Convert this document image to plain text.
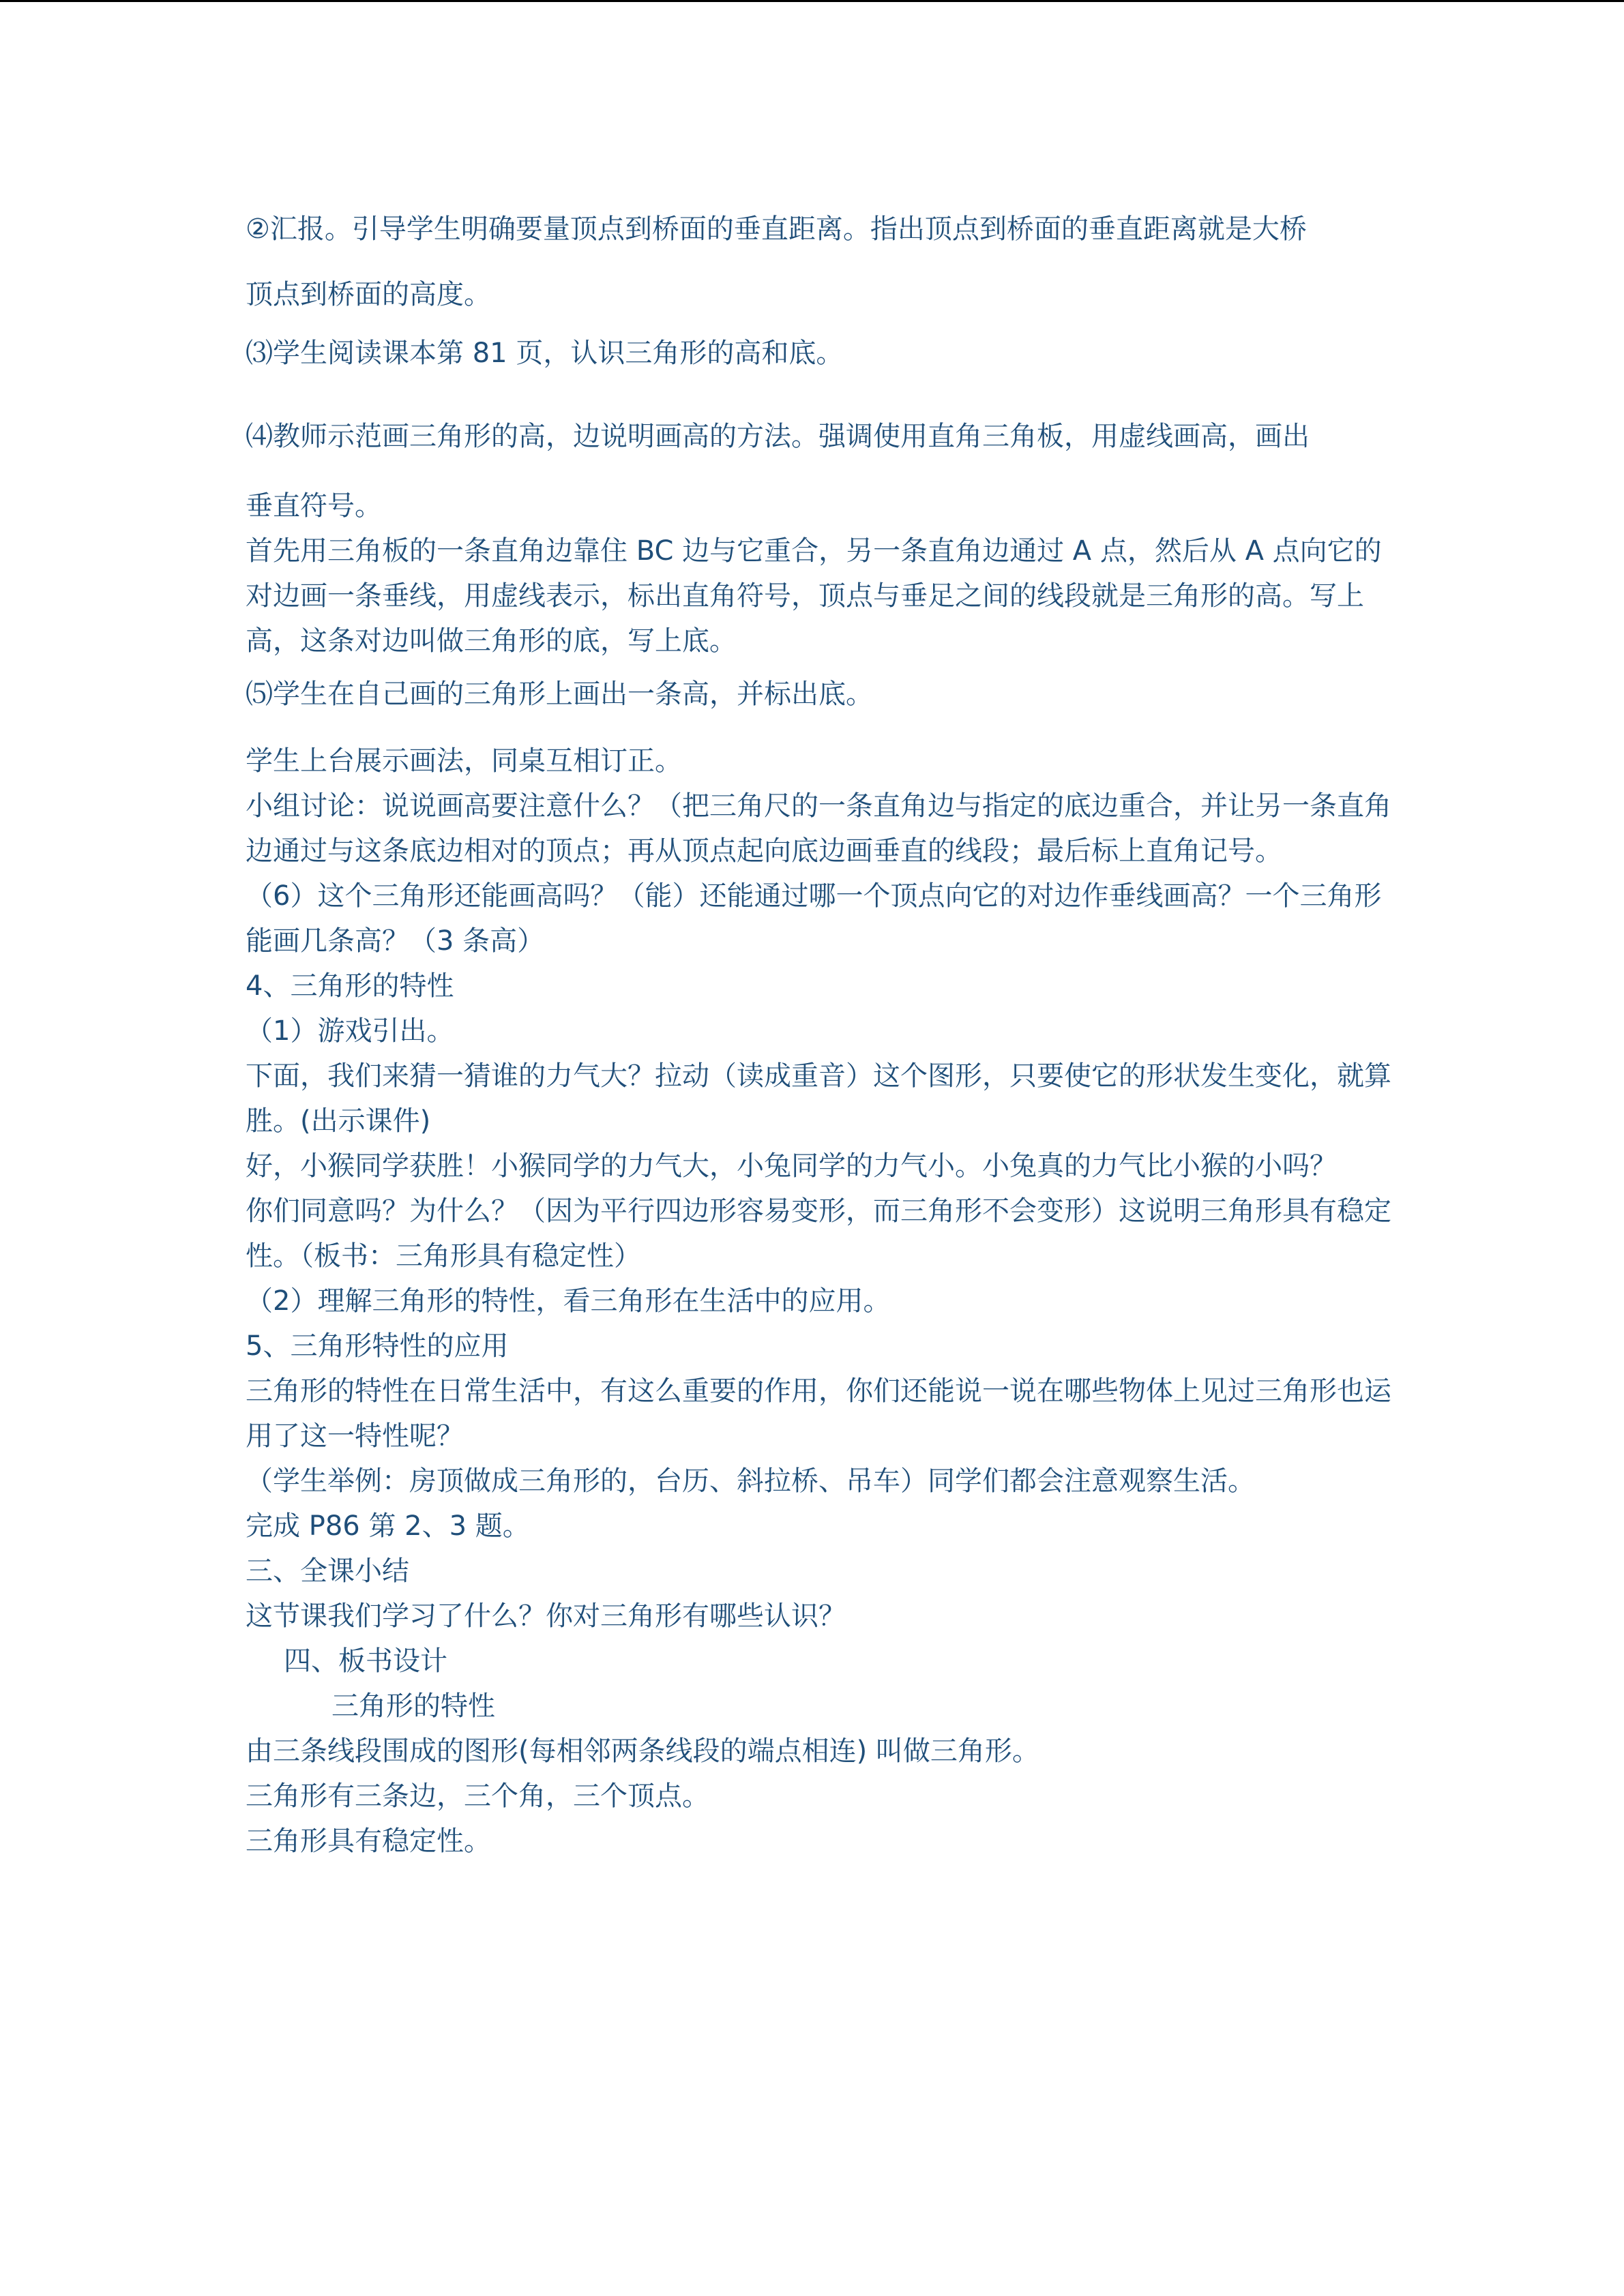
②汇报。引导学生明确要量顶点到桥面的垂直距离。指出顶点到桥面的垂直距离就是大桥

顶点到桥面的高度。

⑶学生阅读课本第 81 页，认识三角形的高和底。

⑷教师示范画三角形的高，边说明画高的方法。强调使用直角三角板，用虚线画高，画出

垂直符号。

首先用三角板的一条直角边靠住 BC 边与它重合，另一条直角边通过 A 点，然后从 A 点向它的对边画一条垂线，用虚线表示，标出直角符号，顶点与垂足之间的线段就是三角形的高。写上高，这条对边叫做三角形的底，写上底。

⑸学生在自己画的三角形上画出一条高，并标出底。

学生上台展示画法，同桌互相订正。

小组讨论：说说画高要注意什么？（把三角尺的一条直角边与指定的底边重合，并让另一条直角边通过与这条底边相对的顶点；再从顶点起向底边画垂直的线段；最后标上直角记号。

（6）这个三角形还能画高吗？（能）还能通过哪一个顶点向它的对边作垂线画高？一个三角形能画几条高？（3 条高）

4、三角形的特性

（1）游戏引出。

下面，我们来猜一猜谁的力气大？拉动（读成重音）这个图形，只要使它的形状发生变化，就算胜。(出示课件)

好，小猴同学获胜！小猴同学的力气大，小兔同学的力气小。小兔真的力气比小猴的小吗？

你们同意吗？为什么？（因为平行四边形容易变形，而三角形不会变形）这说明三角形具有稳定性。（板书：三角形具有稳定性）

（2）理解三角形的特性，看三角形在生活中的应用。

5、三角形特性的应用

三角形的特性在日常生活中，有这么重要的作用，你们还能说一说在哪些物体上见过三角形也运用了这一特性呢？

（学生举例：房顶做成三角形的，台历、斜拉桥、吊车）同学们都会注意观察生活。

完成 P86 第 2、3 题。

三、全课小结

这节课我们学习了什么？你对三角形有哪些认识？

四、板书设计

三角形的特性

由三条线段围成的图形(每相邻两条线段的端点相连) 叫做三角形。

三角形有三条边，三个角，三个顶点。

三角形具有稳定性。
